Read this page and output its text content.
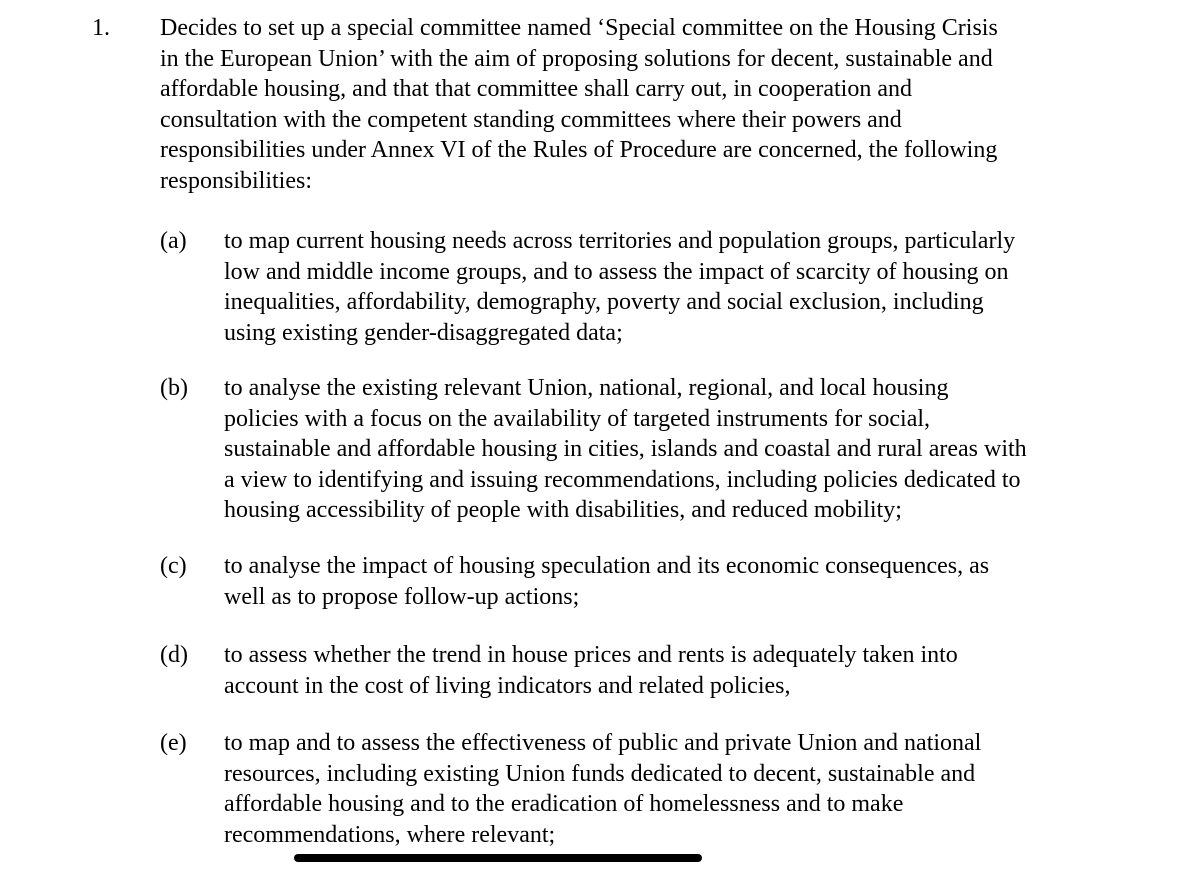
1. Decides to set up a special committee named ‘Special committee on the Housing Crisis
in the European Union’ with the aim of proposing solutions for decent, sustainable and
affordable housing, and that that committee shall carry out, in cooperation and
consultation with the competent standing committees where their powers and
responsibilities under Annex VI of the Rules of Procedure are concerned, the following
responsibilities:
(a) to map current housing needs across territories and population groups, particularly
low and middle income groups, and to assess the impact of scarcity of housing on
inequalities, affordability, demography, poverty and social exclusion, including
using existing gender-disaggregated data;
(b) to analyse the existing relevant Union, national, regional, and local housing
policies with a focus on the availability of targeted instruments for social,
sustainable and affordable housing in cities, islands and coastal and rural areas with
a view to identifying and issuing recommendations, including policies dedicated to
housing accessibility of people with disabilities, and reduced mobility;
(c) to analyse the impact of housing speculation and its economic consequences, as
well as to propose follow-up actions;
(d) to assess whether the trend in house prices and rents is adequately taken into
account in the cost of living indicators and related policies,
(e) to map and to assess the effectiveness of public and private Union and national
resources, including existing Union funds dedicated to decent, sustainable and
affordable housing and to the eradication of homelessness and to make
recommendations, where relevant;
